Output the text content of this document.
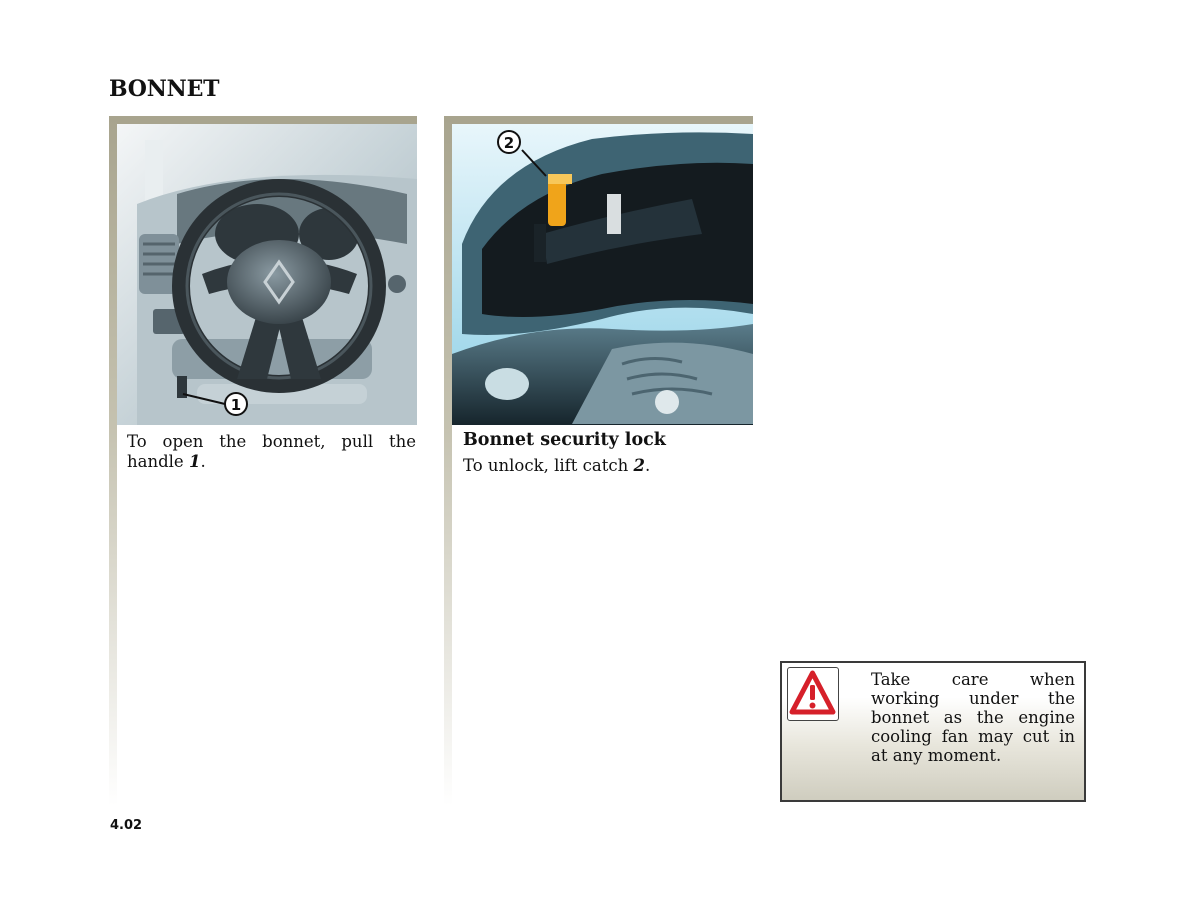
BONNET
1

To open the bonnet, pull the handle 1.

2
Bonnet security lock

To unlock, lift catch 2.

Take care when working under the bonnet as the engine cooling fan may cut in at any moment.

4.02
